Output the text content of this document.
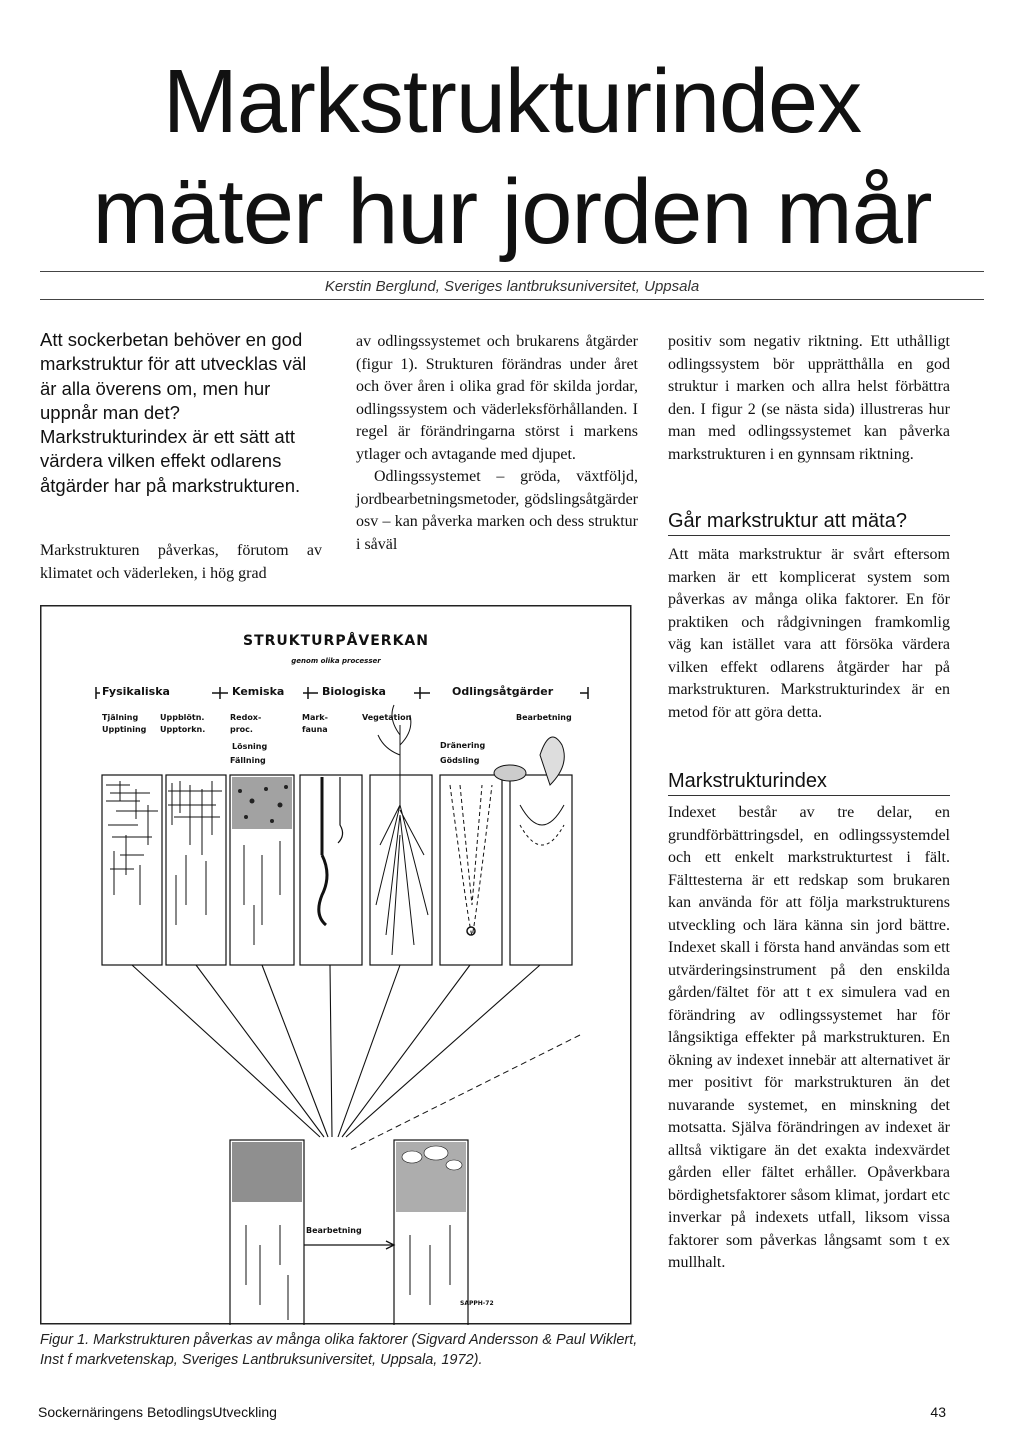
Markstrukturindex
mäter hur jorden mår
Kerstin Berglund, Sveriges lantbruksuniversitet, Uppsala
Att sockerbetan behöver en god markstruktur för att utvecklas väl är alla överens om, men hur uppnår man det? Markstrukturindex är ett sätt att värdera vilken effekt odlarens åtgärder har på markstrukturen.

Markstrukturen påverkas, förutom av klimatet och väderleken, i hög grad

av odlingssystemet och brukarens åtgärder (figur 1). Strukturen förändras under året och över åren i olika grad för skilda jordar, odlingssystem och väderleksförhållanden. I regel är förändringarna störst i markens ytlager och avtagande med djupet.

Odlingssystemet – gröda, växtföljd, jordbearbetningsmetoder, gödslingsåtgärder osv – kan påverka marken och dess struktur i såväl

positiv som negativ riktning. Ett uthålligt odlingssystem bör upprätthålla en god struktur i marken och allra helst förbättra den. I figur 2 (se nästa sida) illustreras hur man med odlingssystemet kan påverka markstrukturen i en gynnsam riktning.

Går markstruktur att mäta?

Att mäta markstruktur är svårt eftersom marken är ett komplicerat system som påverkas av många olika faktorer. En för praktiken och rådgivningen framkomlig väg kan istället vara att försöka värdera vilken effekt odlarens åtgärder har på markstrukturen. Markstrukturindex är en metod för att göra detta.

Markstrukturindex

Indexet består av tre delar, en grundförbättringsdel, en odlingssystemdel och ett enkelt markstrukturtest i fält. Fälttesterna är ett redskap som brukaren kan använda för att följa markstrukturens utveckling och lära känna sin jord bättre. Indexet skall i första hand användas som ett utvärderingsinstrument på den enskilda gården/fältet för att t ex simulera vad en förändring av odlingssystemet har för långsiktiga effekter på markstrukturen. En ökning av indexet innebär att alternativet är mer positivt för markstrukturen än det nuvarande systemet, en minskning det motsatta. Själva förändringen av indexet är alltså viktigare än det exakta indexvärdet gården eller fältet erhåller. Opåverkbara bördighetsfaktorer såsom klimat, jordart etc inverkar på indexets utfall, liksom vissa faktorer som påverkas långsamt som t ex mullhalt.

STRUKTURPÅVERKAN
genom olika processer
Fysikaliska	Kemiska	Biologiska	Odlingsåtgärder
Tjälning
Upptining
Uppblötn.
Upptorkn.
Redox-
proc.
Lösning
Fällning
Mark-
fauna
Vegetation	Bearbetning
Dränering
Gödsling
Bearbetning
SAPPH-72
Figur 1. Markstrukturen påverkas av många olika faktorer (Sigvard Andersson & Paul Wiklert, Inst f markvetenskap, Sveriges Lantbruksuniversitet, Uppsala, 1972).
Sockernäringens BetodlingsUtveckling	43
